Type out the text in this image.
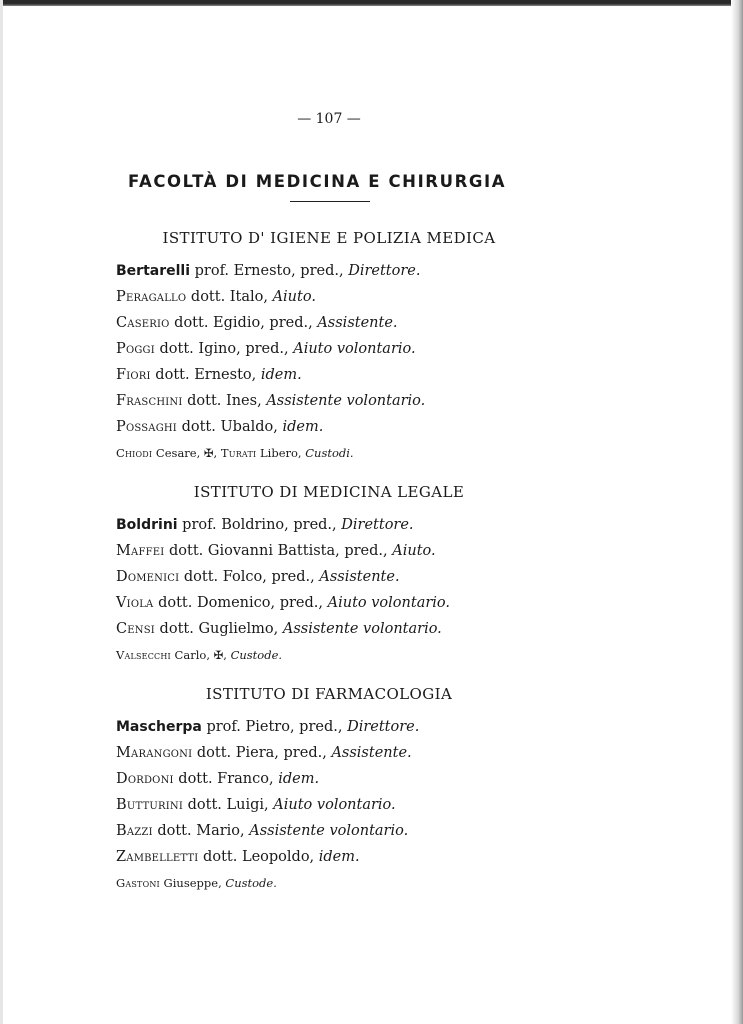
— 107 —
FACOLTÀ DI MEDICINA E CHIRURGIA
ISTITUTO D' IGIENE E POLIZIA MEDICA
Bertarelli prof. Ernesto, pred., Direttore.
Peragallo dott. Italo, Aiuto.
Caserio dott. Egidio, pred., Assistente.
Poggi dott. Igino, pred., Aiuto volontario.
Fiori dott. Ernesto, idem.
Fraschini dott. Ines, Assistente volontario.
Possaghi dott. Ubaldo, idem.
Chiodi Cesare, ✠, Turati Libero, Custodi.
ISTITUTO DI MEDICINA LEGALE
Boldrini prof. Boldrino, pred., Direttore.
Maffei dott. Giovanni Battista, pred., Aiuto.
Domenici dott. Folco, pred., Assistente.
Viola dott. Domenico, pred., Aiuto volontario.
Censi dott. Guglielmo, Assistente volontario.
Valsecchi Carlo, ✠, Custode.
ISTITUTO DI FARMACOLOGIA
Mascherpa prof. Pietro, pred., Direttore.
Marangoni dott. Piera, pred., Assistente.
Dordoni dott. Franco, idem.
Butturini dott. Luigi, Aiuto volontario.
Bazzi dott. Mario, Assistente volontario.
Zambelletti dott. Leopoldo, idem.
Gastoni Giuseppe, Custode.
